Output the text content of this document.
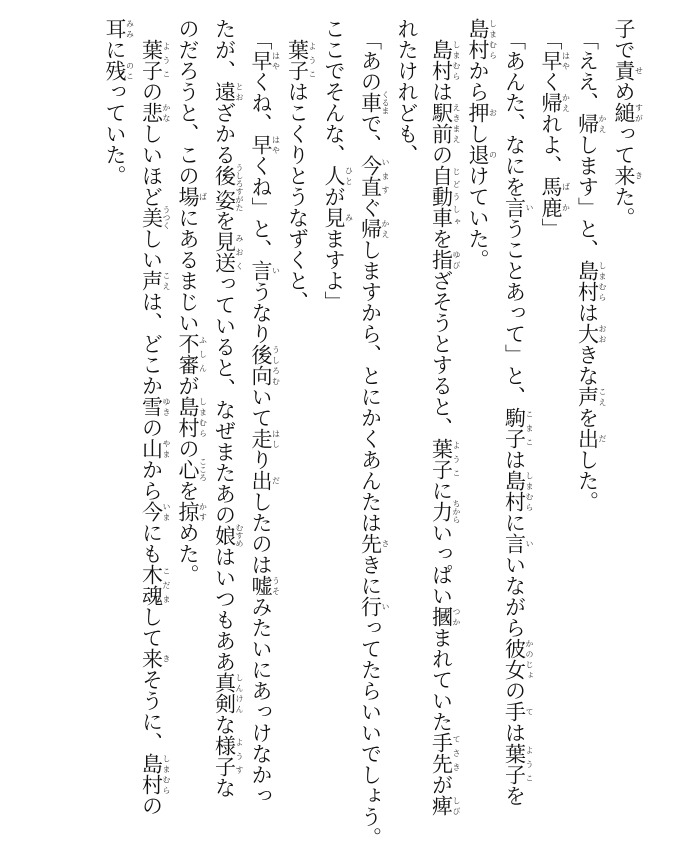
子で責せめ縋すがって来きた。
「ええ、帰かえします」と、島村しまむらは大おおきな声こえを出だした。
「早はやく帰かえれよ、馬鹿ばか」
「あんた、なにを言いうことあって」と、駒子こまこは島村しまむらに言いいながら彼女かのじょの手ては葉子ようこを
島村しまむらから押おし退のけていた。
島村しまむらは駅前えきまえの自動車じどうしゃを指ゆびざそうとすると、葉子ようこに力ちからいっぱい摑つかまれていた手先てさきが痺しび
れたけれども、
「あの車くるまで、今直いますぐ帰かえしますから、とにかくあんたは先さきに行いってたらいいでしょう。
ここでそんな、人ひとが見みますよ」
葉子ようこはこくりとうなずくと、
「早はやくね、早はやくね」と、言いうなり後向うしろむいて走はしり出だしたのは嘘うそみたいにあっけなかっ
たが、遠とおざかる後うしろ姿すがたを見送みおくっていると、なぜまたあの娘むすめはいつもああ真剣しんけんな様子ようすな
のだろうと、この場ばにあるまじい不審ふしんが島村しまむらの心こころを掠かすめた。
葉子ようこの悲かなしいほど美うつくしい声こえは、どこか雪ゆきの山やまから今いまにも木魂こだまして来きそうに、島村しまむらの
耳みみに残のこっていた。
